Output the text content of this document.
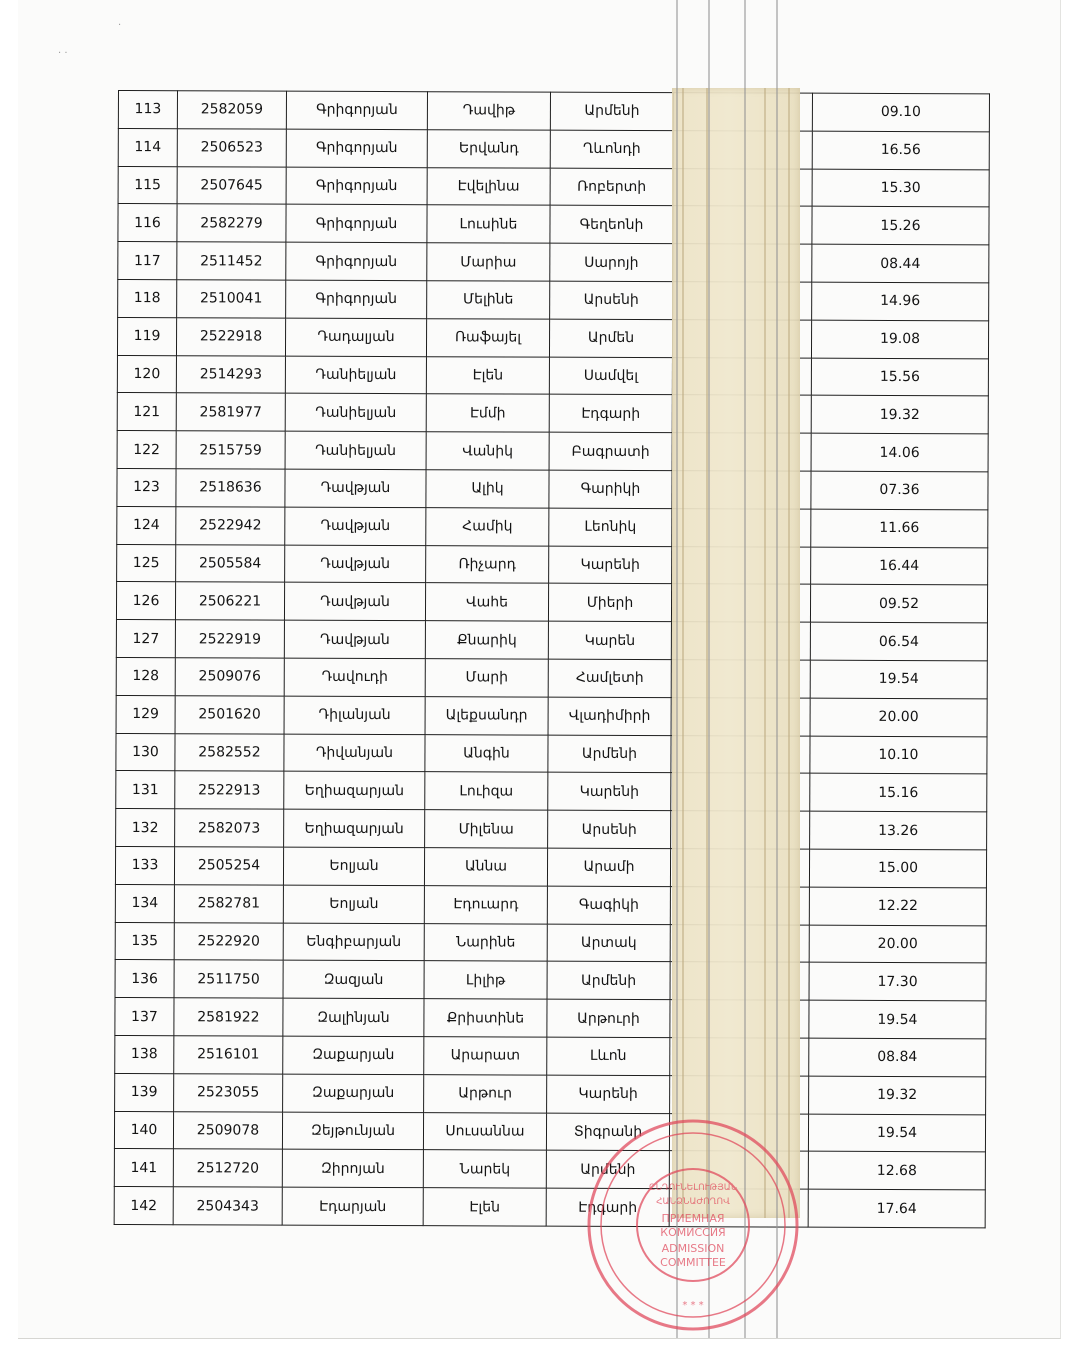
‧
‧ ‧
113	2582059	Գրիգորյան	Դավիթ	Արմենի		09.10
114	2506523	Գրիգորյան	Երվանդ	Ղևոնդի		16.56
115	2507645	Գրիգորյան	Էվելինա	Ռոբերտի		15.30
116	2582279	Գրիգորյան	Լուսինե	Գեղեոնի		15.26
117	2511452	Գրիգորյան	Մարիա	Սարոյի		08.44
118	2510041	Գրիգորյան	Մելինե	Արսենի		14.96
119	2522918	Դադալյան	Ռաֆայել	Արմեն		19.08
120	2514293	Դանիելյան	Էլեն	Սամվել		15.56
121	2581977	Դանիելյան	Էմմի	Էդգարի		19.32
122	2515759	Դանիելյան	Վանիկ	Բագրատի		14.06
123	2518636	Դավթյան	Ալիկ	Գարիկի		07.36
124	2522942	Դավթյան	Համիկ	Լեոնիկ		11.66
125	2505584	Դավթյան	Ռիչարդ	Կարենի		16.44
126	2506221	Դավթյան	Վահե	Միերի		09.52
127	2522919	Դավթյան	Քնարիկ	Կարեն		06.54
128	2509076	Դավուդի	Մարի	Համլետի		19.54
129	2501620	Դիլանյան	Ալեքսանդր	Վլադիմիրի		20.00
130	2582552	Դիվանյան	Անգին	Արմենի		10.10
131	2522913	Եղիազարյան	Լուիզա	Կարենի		15.16
132	2582073	Եղիազարյան	Միլենա	Արսենի		13.26
133	2505254	Եոլյան	Աննա	Արամի		15.00
134	2582781	Եոլյան	Էդուարդ	Գագիկի		12.22
135	2522920	Ենգիբարյան	Նարինե	Արտակ		20.00
136	2511750	Զազյան	Լիլիթ	Արմենի		17.30
137	2581922	Զալինյան	Քրիստինե	Արթուրի		19.54
138	2516101	Զաքարյան	Արարատ	Լևոն		08.84
139	2523055	Զաքարյան	Արթուր	Կարենի		19.32
140	2509078	Զեյթունյան	Սուսաննա	Տիգրանի		19.54
141	2512720	Զիրոյան	Նարեկ	Արմենի		12.68
142	2504343	Էդարյան	Էլեն	Էդգարի		17.64
ԸՆԴՈՒՆԵԼՈՒԹՅԱՆ
ՀԱՆՁՆԱԺՈՂՈՎ
ПРИЕМНАЯ
КОМИССИЯ
ADMISSION
COMMITTEE
* * *
